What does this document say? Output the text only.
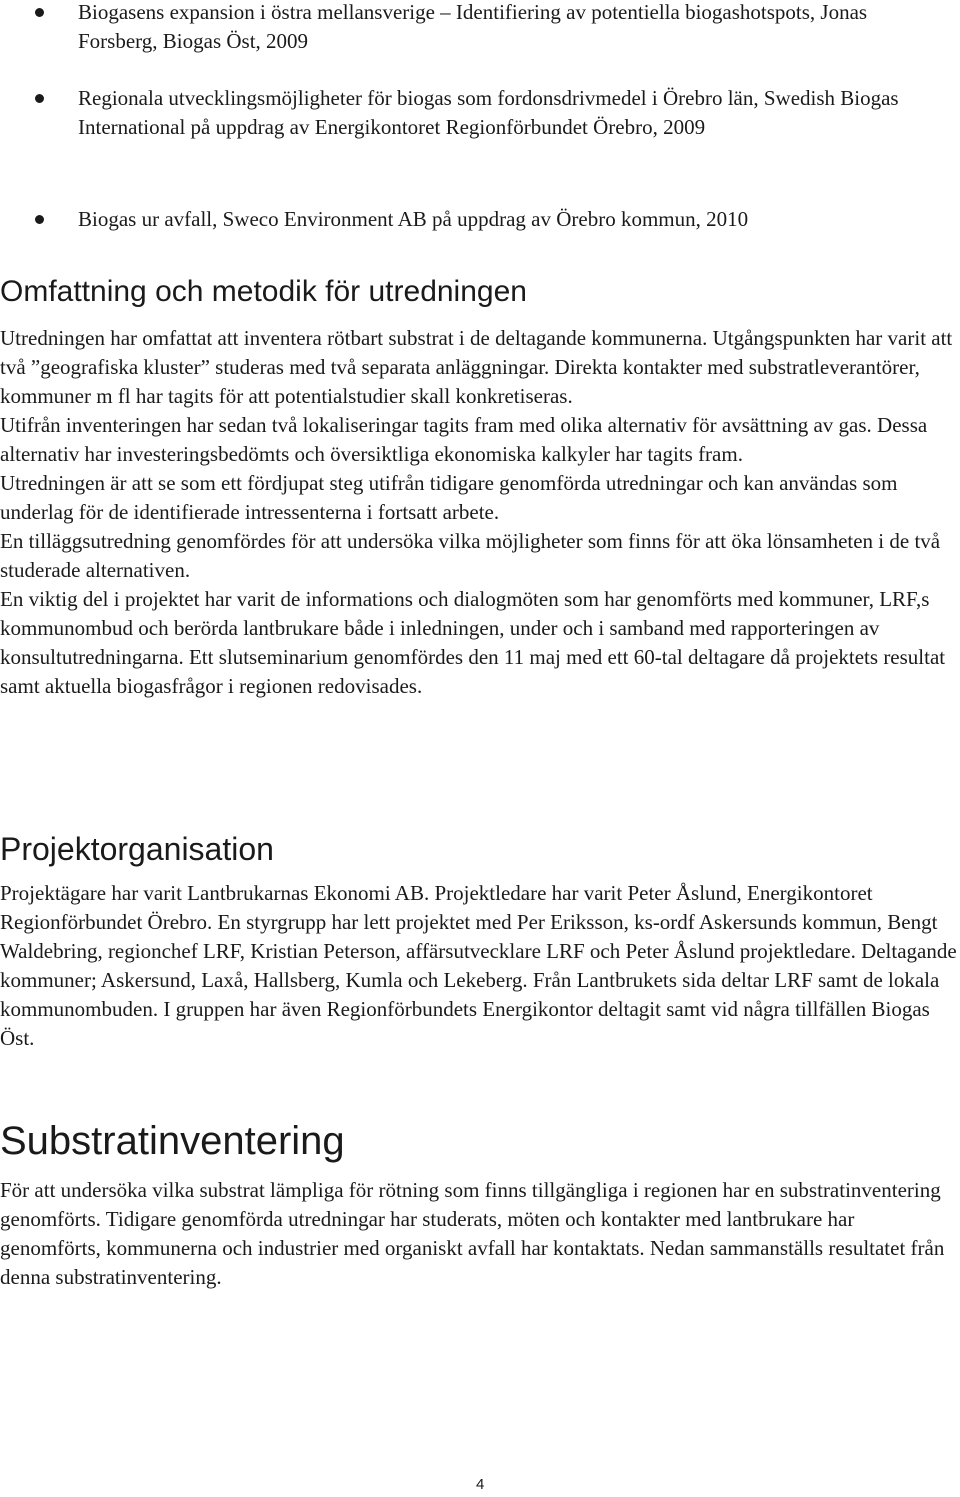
Biogasens expansion i östra mellansverige – Identifiering av potentiella biogashotspots, Jonas Forsberg, Biogas Öst, 2009
Regionala utvecklingsmöjligheter för biogas som fordonsdrivmedel i Örebro län, Swedish Biogas International på uppdrag av Energikontoret Regionförbundet Örebro, 2009
Biogas ur avfall, Sweco Environment AB på uppdrag av Örebro kommun, 2010
Omfattning och metodik för utredningen
Utredningen har omfattat att inventera rötbart substrat i de deltagande kommunerna. Utgångspunkten har varit att två ”geografiska kluster” studeras med två separata anläggningar. Direkta kontakter med substratleverantörer, kommuner m fl har tagits för att potentialstudier skall konkretiseras.
Utifrån inventeringen har sedan två lokaliseringar tagits fram med olika alternativ för avsättning av gas. Dessa alternativ har investeringsbedömts och översiktliga ekonomiska kalkyler har tagits fram.
Utredningen är att se som ett fördjupat steg utifrån tidigare genomförda utredningar och kan användas som underlag för de identifierade intressenterna i fortsatt arbete.
En tilläggsutredning genomfördes för att undersöka vilka möjligheter som finns för att öka lönsamheten i de två studerade alternativen.
En viktig del i projektet har varit de informations och dialogmöten som har genomförts med kommuner, LRF,s kommunombud och berörda lantbrukare både i inledningen, under och i samband med rapporteringen av konsultutredningarna. Ett slutseminarium genomfördes den 11 maj med ett 60-tal deltagare då projektets resultat samt aktuella biogasfrågor i regionen redovisades.
Projektorganisation

Projektägare har varit Lantbrukarnas Ekonomi AB. Projektledare har varit Peter Åslund, Energikontoret Regionförbundet Örebro. En styrgrupp har lett projektet med Per Eriksson, ks-ordf Askersunds kommun, Bengt Waldebring, regionchef LRF, Kristian Peterson, affärsutvecklare LRF och Peter Åslund projektledare. Deltagande kommuner; Askersund, Laxå, Hallsberg, Kumla och Lekeberg. Från Lantbrukets sida deltar LRF samt de lokala kommunombuden. I gruppen har även Regionförbundets Energikontor deltagit samt vid några tillfällen Biogas Öst.

Substratinventering

För att undersöka vilka substrat lämpliga för rötning som finns tillgängliga i regionen har en substratinventering genomförts. Tidigare genomförda utredningar har studerats, möten och kontakter med lantbrukare har genomförts, kommunerna och industrier med organiskt avfall har kontaktats. Nedan sammanställs resultatet från denna substratinventering.

4
